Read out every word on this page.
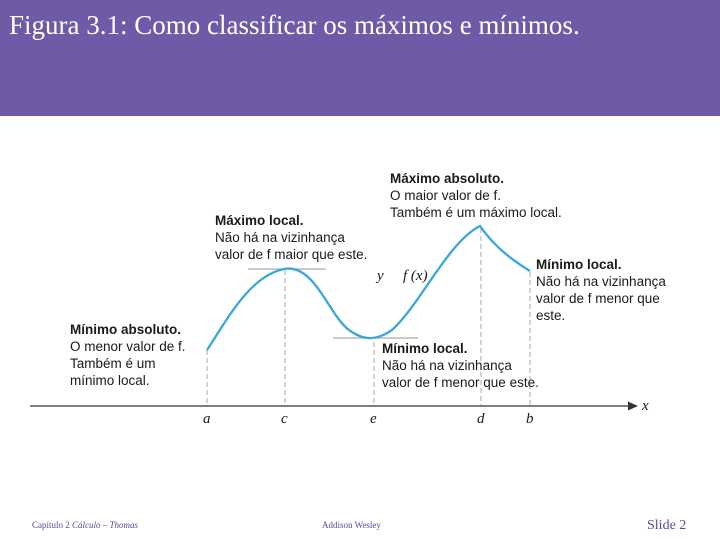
Figura 3.1: Como classificar os máximos e mínimos.
x
a	c	e	d	b
y f (x)
Máximo absoluto.
O maior valor de f.
Também é um máximo local.
Máximo local.
Não há na vizinhança
valor de f maior que este.
Mínimo absoluto.
O menor valor de f.
Também é um
mínimo local.
Mínimo local.
Não há na vizinhança
valor de f menor que este.
Mínimo local.
Não há na vizinhança
valor de f menor que
este.
Capítulo 2 Cálculo – Thomas	Addison Wesley	Slide 2
